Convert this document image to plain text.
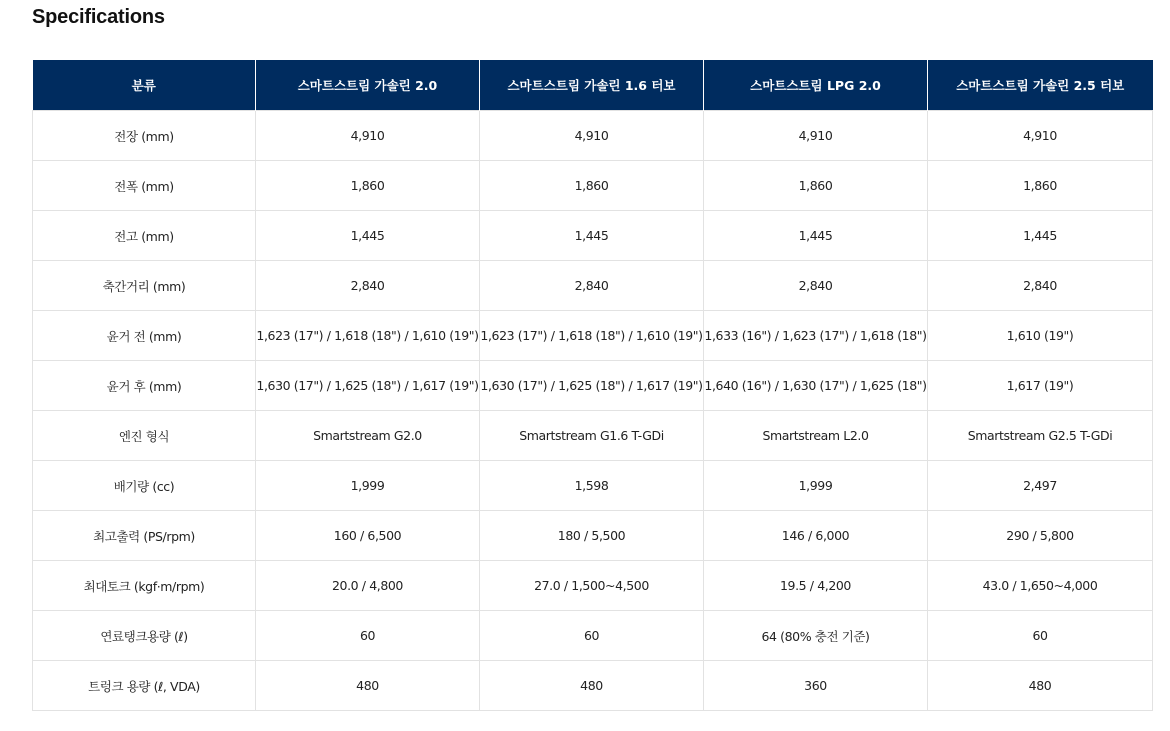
Specifications
분류	스마트스트림 가솔린 2.0	스마트스트림 가솔린 1.6 터보	스마트스트림 LPG 2.0	스마트스트림 가솔린 2.5 터보
전장 (mm)	4,910	4,910	4,910	4,910
전폭 (mm)	1,860	1,860	1,860	1,860
전고 (mm)	1,445	1,445	1,445	1,445
축간거리 (mm)	2,840	2,840	2,840	2,840
윤거 전 (mm)	1,623 (17") / 1,618 (18") / 1,610 (19")	1,623 (17") / 1,618 (18") / 1,610 (19")	1,633 (16") / 1,623 (17") / 1,618 (18")	1,610 (19")
윤거 후 (mm)	1,630 (17") / 1,625 (18") / 1,617 (19")	1,630 (17") / 1,625 (18") / 1,617 (19")	1,640 (16") / 1,630 (17") / 1,625 (18")	1,617 (19")
엔진 형식	Smartstream G2.0	Smartstream G1.6 T-GDi	Smartstream L2.0	Smartstream G2.5 T-GDi
배기량 (cc)	1,999	1,598	1,999	2,497
최고출력 (PS/rpm)	160 / 6,500	180 / 5,500	146 / 6,000	290 / 5,800
최대토크 (kgf·m/rpm)	20.0 / 4,800	27.0 / 1,500~4,500	19.5 / 4,200	43.0 / 1,650~4,000
연료탱크용량 (ℓ)	60	60	64 (80% 충전 기준)	60
트렁크 용량 (ℓ, VDA)	480	480	360	480
